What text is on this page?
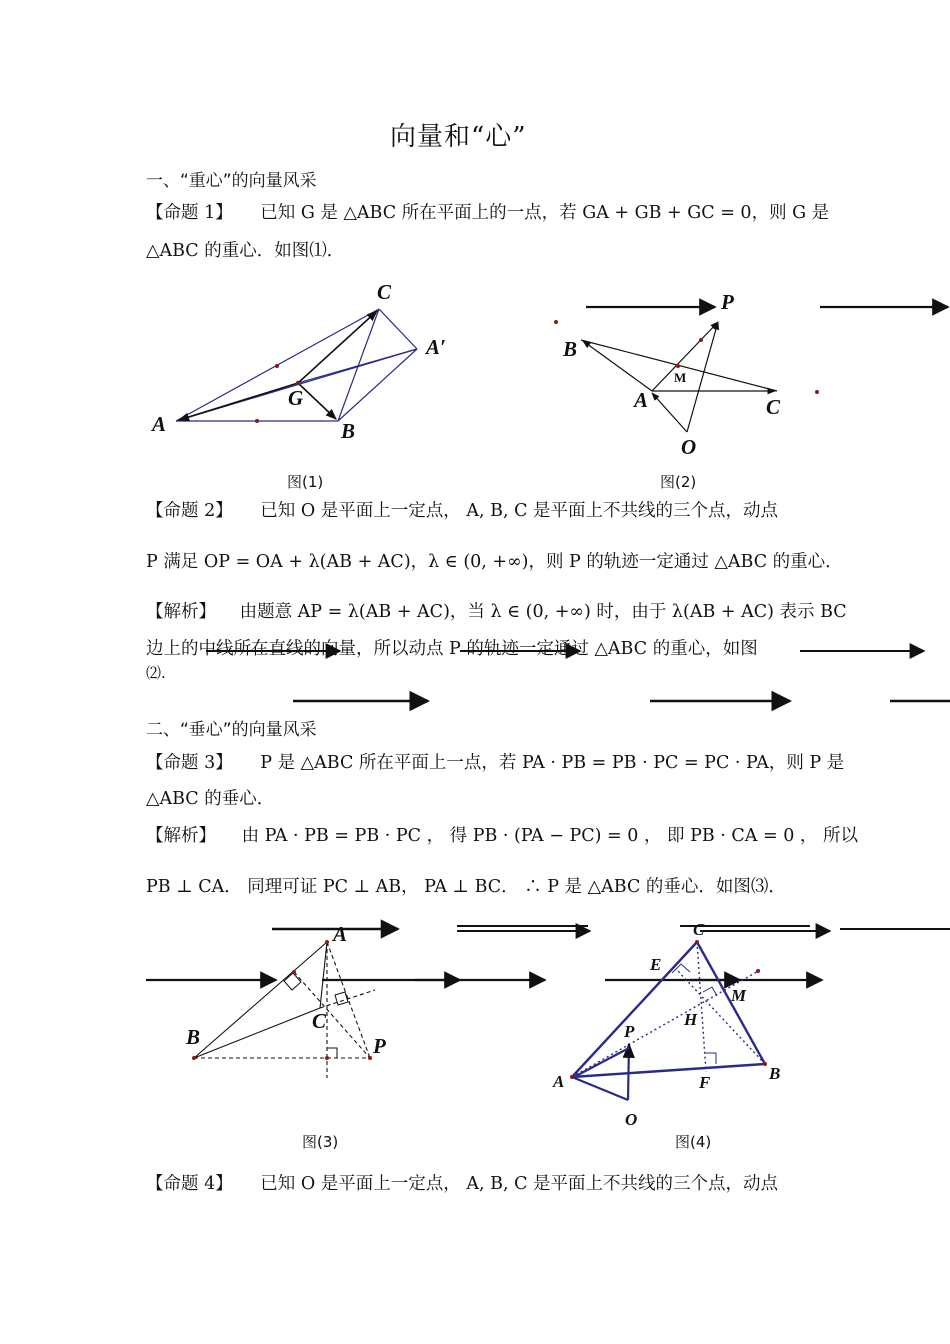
向量和“心”
一、“重心”的向量风采
【命题 1】 已知 G 是 △ABC 所在平面上的一点，若 GA + GB + GC = 0，则 G 是
△ABC 的重心．如图⑴．
C
A′
A
G
B
P
B
M
A	C
O
A
C
B	P
C
E
M
H
P
A	B
F
O
图(1)	图(2)
【命题 2】 已知 O 是平面上一定点， A, B, C 是平面上不共线的三个点，动点
P 满足 OP = OA + λ(AB + AC)，λ ∈ (0, +∞)，则 P 的轨迹一定通过 △ABC 的重心．
【解析】 由题意 AP = λ(AB + AC)，当 λ ∈ (0, +∞) 时，由于 λ(AB + AC) 表示 BC
边上的中线所在直线的向量，所以动点 P 的轨迹一定通过 △ABC 的重心，如图
⑵.
二、“垂心”的向量风采
【命题 3】 P 是 △ABC 所在平面上一点，若 PA · PB = PB · PC = PC · PA，则 P 是
△ABC 的垂心．
【解析】 由 PA · PB = PB · PC ， 得 PB · (PA − PC) = 0 ， 即 PB · CA = 0 ， 所以
PB ⊥ CA． 同理可证 PC ⊥ AB， PA ⊥ BC． ∴ P 是 △ABC 的垂心．如图⑶．
图(3)	图(4)
【命题 4】 已知 O 是平面上一定点， A, B, C 是平面上不共线的三个点，动点
